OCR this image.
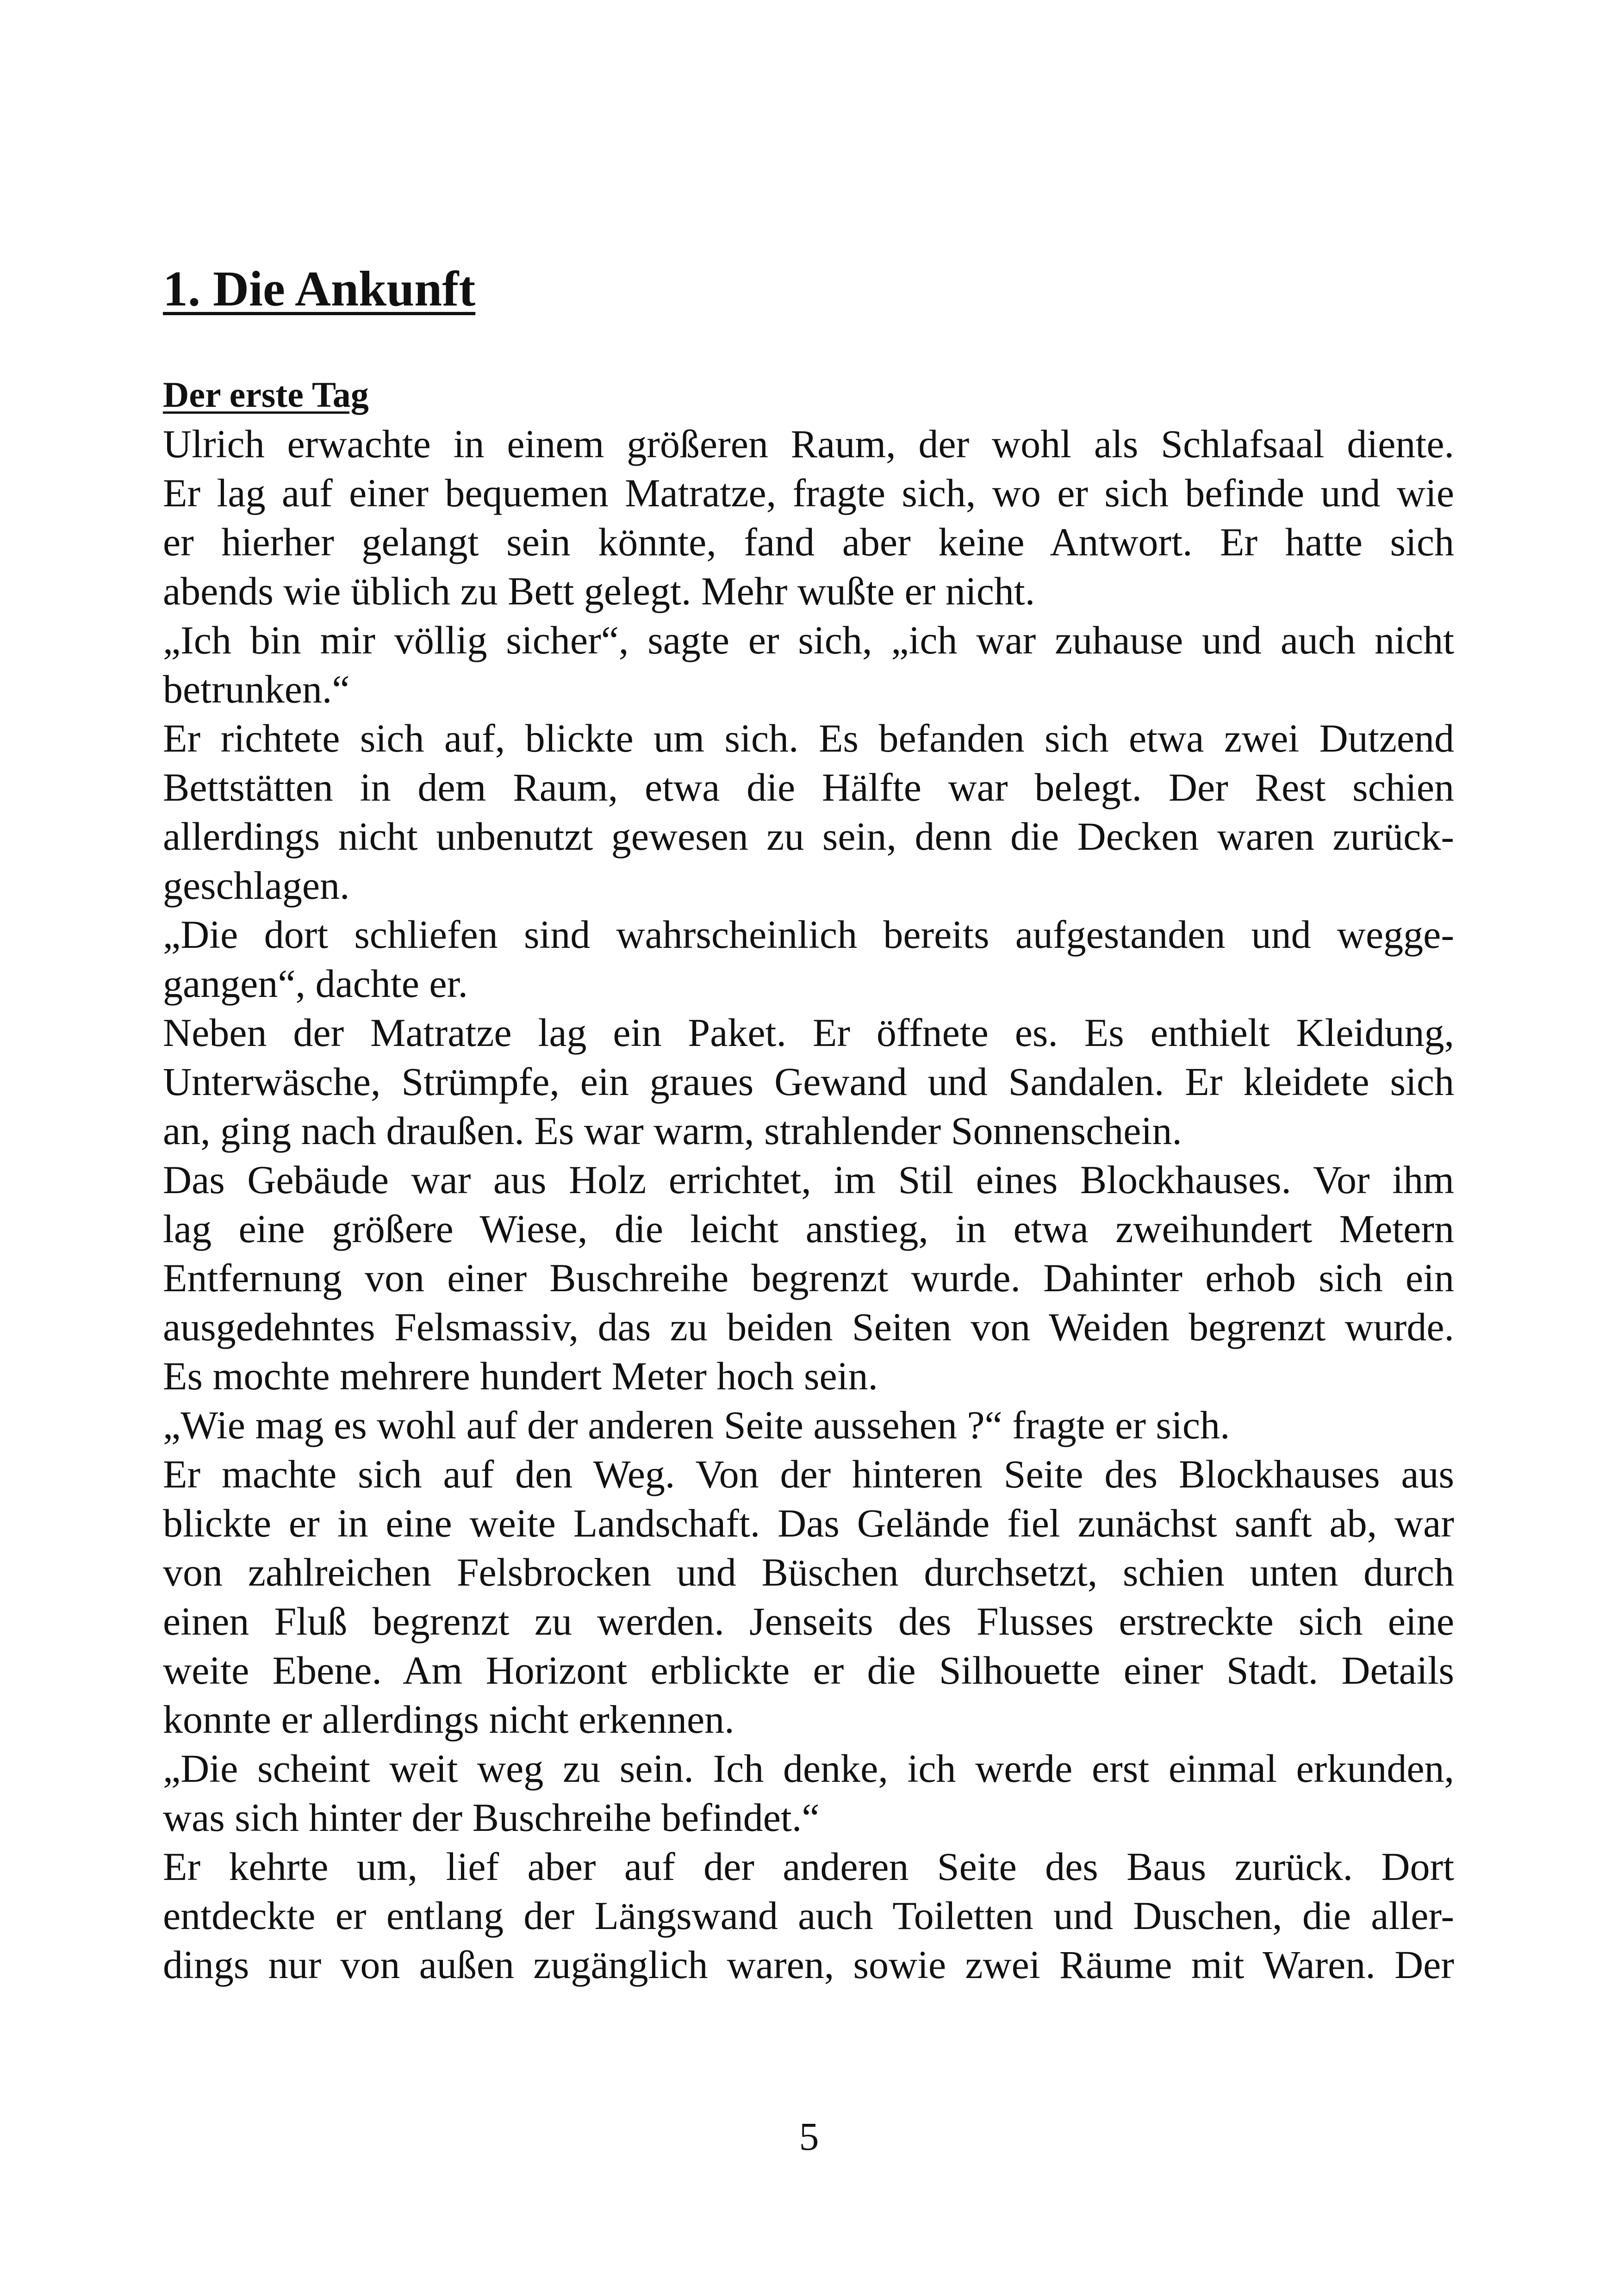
1. Die Ankunft
Der erste Tag
Ulrich erwachte in einem größeren Raum, der wohl als Schlafsaal diente.
Er lag auf einer bequemen Matratze, fragte sich, wo er sich befinde und wie
er hierher gelangt sein könnte, fand aber keine Antwort. Er hatte sich
abends wie üblich zu Bett gelegt. Mehr wußte er nicht.
„Ich bin mir völlig sicher“, sagte er sich, „ich war zuhause und auch nicht
betrunken.“
Er richtete sich auf, blickte um sich. Es befanden sich etwa zwei Dutzend
Bettstätten in dem Raum, etwa die Hälfte war belegt. Der Rest schien
allerdings nicht unbenutzt gewesen zu sein, denn die Decken waren zurück-
geschlagen.
„Die dort schliefen sind wahrscheinlich bereits aufgestanden und wegge-
gangen“, dachte er.
Neben der Matratze lag ein Paket. Er öffnete es. Es enthielt Kleidung,
Unterwäsche, Strümpfe, ein graues Gewand und Sandalen. Er kleidete sich
an, ging nach draußen. Es war warm, strahlender Sonnenschein.
Das Gebäude war aus Holz errichtet, im Stil eines Blockhauses. Vor ihm
lag eine größere Wiese, die leicht anstieg, in etwa zweihundert Metern
Entfernung von einer Buschreihe begrenzt wurde. Dahinter erhob sich ein
ausgedehntes Felsmassiv, das zu beiden Seiten von Weiden begrenzt wurde.
Es mochte mehrere hundert Meter hoch sein.
„Wie mag es wohl auf der anderen Seite aussehen ?“ fragte er sich.
Er machte sich auf den Weg. Von der hinteren Seite des Blockhauses aus
blickte er in eine weite Landschaft. Das Gelände fiel zunächst sanft ab, war
von zahlreichen Felsbrocken und Büschen durchsetzt, schien unten durch
einen Fluß begrenzt zu werden. Jenseits des Flusses erstreckte sich eine
weite Ebene. Am Horizont erblickte er die Silhouette einer Stadt. Details
konnte er allerdings nicht erkennen.
„Die scheint weit weg zu sein. Ich denke, ich werde erst einmal erkunden,
was sich hinter der Buschreihe befindet.“
Er kehrte um, lief aber auf der anderen Seite des Baus zurück. Dort
entdeckte er entlang der Längswand auch Toiletten und Duschen, die aller-
dings nur von außen zugänglich waren, sowie zwei Räume mit Waren. Der
5
